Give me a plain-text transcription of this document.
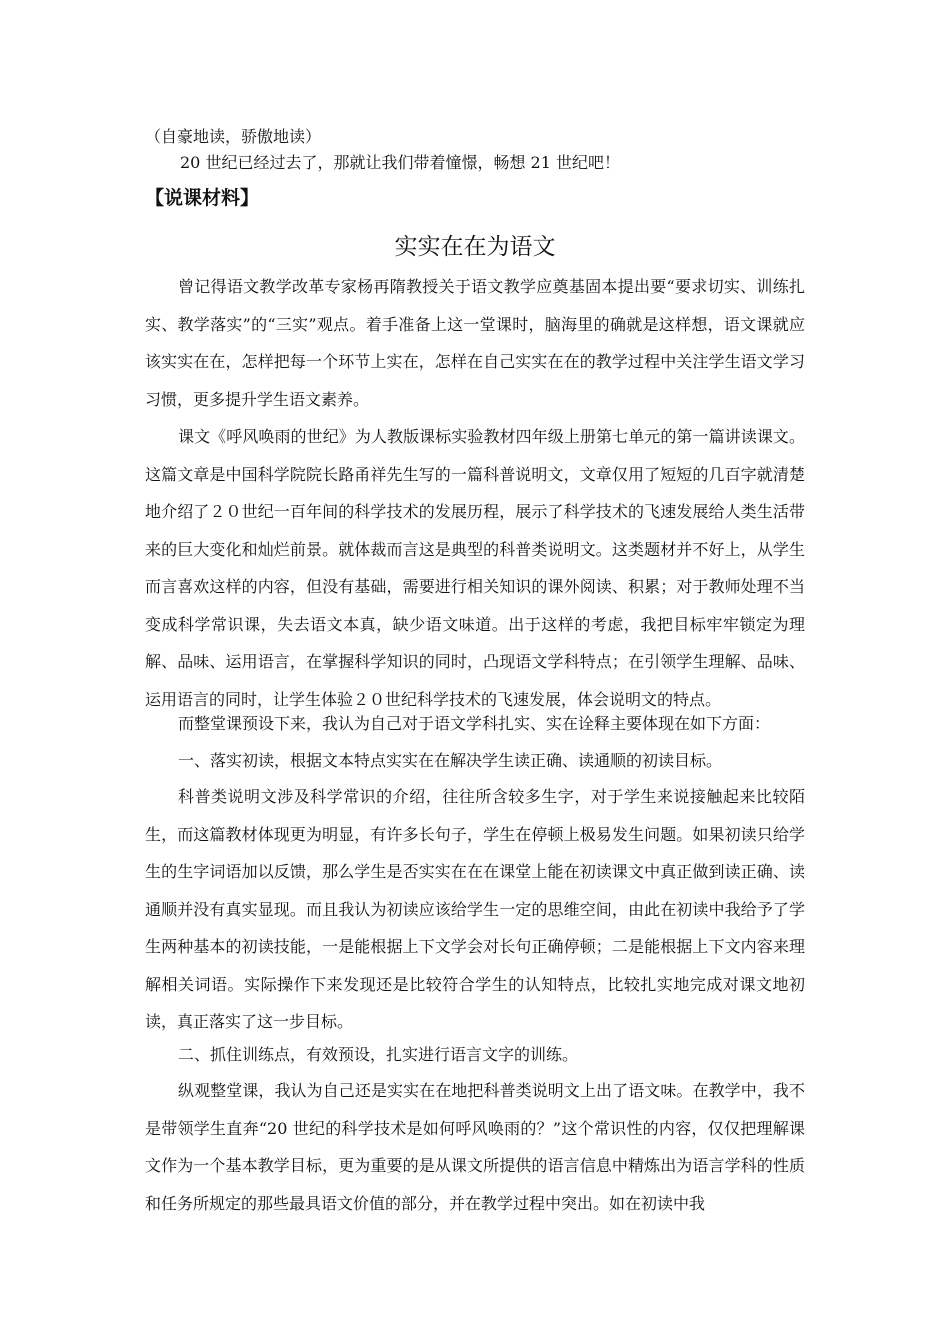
（自豪地读，骄傲地读）
20 世纪已经过去了，那就让我们带着憧憬，畅想 21 世纪吧！
【说课材料】
实实在在为语文
曾记得语文教学改革专家杨再隋教授关于语文教学应奠基固本提出要“要求切实、训练扎实、教学落实”的“三实”观点。着手准备上这一堂课时，脑海里的确就是这样想，语文课就应该实实在在，怎样把每一个环节上实在，怎样在自己实实在在的教学过程中关注学生语文学习习惯，更多提升学生语文素养。
课文《呼风唤雨的世纪》为人教版课标实验教材四年级上册第七单元的第一篇讲读课文。这篇文章是中国科学院院长路甬祥先生写的一篇科普说明文，文章仅用了短短的几百字就清楚地介绍了２０世纪一百年间的科学技术的发展历程，展示了科学技术的飞速发展给人类生活带来的巨大变化和灿烂前景。就体裁而言这是典型的科普类说明文。这类题材并不好上，从学生而言喜欢这样的内容，但没有基础，需要进行相关知识的课外阅读、积累；对于教师处理不当变成科学常识课，失去语文本真，缺少语文味道。出于这样的考虑，我把目标牢牢锁定为理解、品味、运用语言，在掌握科学知识的同时，凸现语文学科特点；在引领学生理解、品味、运用语言的同时，让学生体验２０世纪科学技术的飞速发展，体会说明文的特点。
而整堂课预设下来，我认为自己对于语文学科扎实、实在诠释主要体现在如下方面：
一、落实初读，根据文本特点实实在在解决学生读正确、读通顺的初读目标。
科普类说明文涉及科学常识的介绍，往往所含较多生字，对于学生来说接触起来比较陌生，而这篇教材体现更为明显，有许多长句子，学生在停顿上极易发生问题。如果初读只给学生的生字词语加以反馈，那么学生是否实实在在在课堂上能在初读课文中真正做到读正确、读通顺并没有真实显现。而且我认为初读应该给学生一定的思维空间，由此在初读中我给予了学生两种基本的初读技能，一是能根据上下文学会对长句正确停顿；二是能根据上下文内容来理解相关词语。实际操作下来发现还是比较符合学生的认知特点，比较扎实地完成对课文地初读，真正落实了这一步目标。
二、抓住训练点，有效预设，扎实进行语言文字的训练。
纵观整堂课，我认为自己还是实实在在地把科普类说明文上出了语文味。在教学中，我不是带领学生直奔“20 世纪的科学技术是如何呼风唤雨的？”这个常识性的内容，仅仅把理解课文作为一个基本教学目标，更为重要的是从课文所提供的语言信息中精炼出为语言学科的性质和任务所规定的那些最具语文价值的部分，并在教学过程中突出。如在初读中我
